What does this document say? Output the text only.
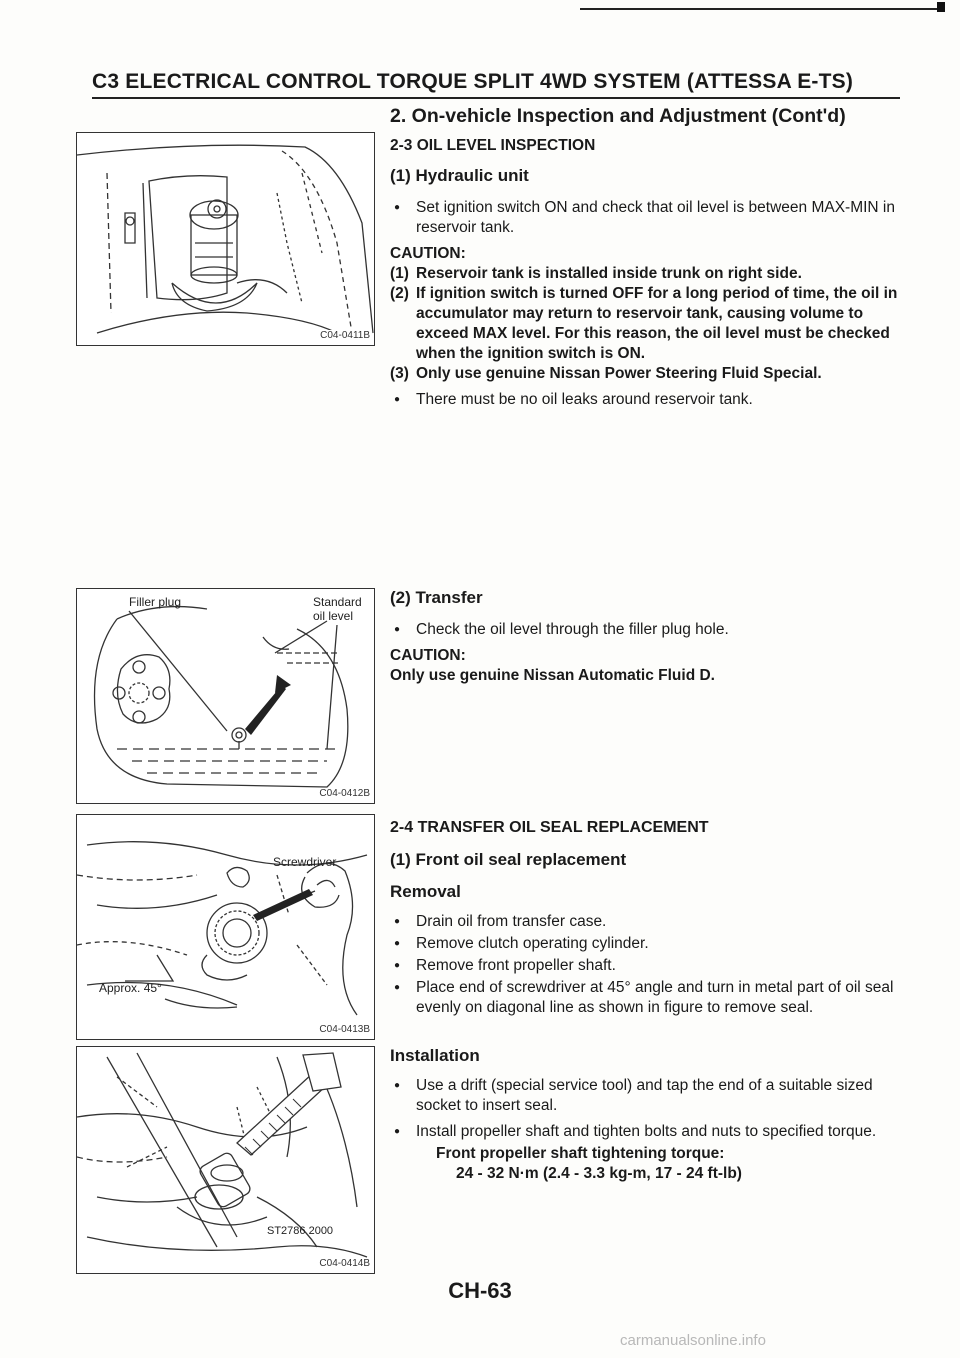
C3 ELECTRICAL CONTROL TORQUE SPLIT 4WD SYSTEM (ATTESSA E-TS)
2. On-vehicle Inspection and Adjustment (Cont'd)
2-3 OIL LEVEL INSPECTION
(1) Hydraulic unit
● Set ignition switch ON and check that oil level is between MAX-MIN in reservoir tank.
CAUTION:
(1) Reservoir tank is installed inside trunk on right side.
(2) If ignition switch is turned OFF for a long period of time, the oil in accumulator may return to reservoir tank, causing volume to exceed MAX level. For this reason, the oil level must be checked when the ignition switch is ON.
(3) Only use genuine Nissan Power Steering Fluid Special.
● There must be no oil leaks around reservoir tank.
(2) Transfer
● Check the oil level through the filler plug hole.
CAUTION:
Only use genuine Nissan Automatic Fluid D.
2-4 TRANSFER OIL SEAL REPLACEMENT
(1) Front oil seal replacement
Removal
● Drain oil from transfer case.
● Remove clutch operating cylinder.
● Remove front propeller shaft.
● Place end of screwdriver at 45° angle and turn in metal part of oil seal evenly on diagonal line as shown in figure to remove seal.
Installation
● Use a drift (special service tool) and tap the end of a suitable sized socket to insert seal.
● Install propeller shaft and tighten bolts and nuts to specified torque.
Front propeller shaft tightening torque:
24 - 32 N·m (2.4 - 3.3 kg-m, 17 - 24 ft-lb)
C04-0411B
Filler plug	Standard
oil level
C04-0412B
Screwdriver
Approx. 45°
C04-0413B
ST2786 2000
C04-0414B
CH-63
carmanualsonline.info
